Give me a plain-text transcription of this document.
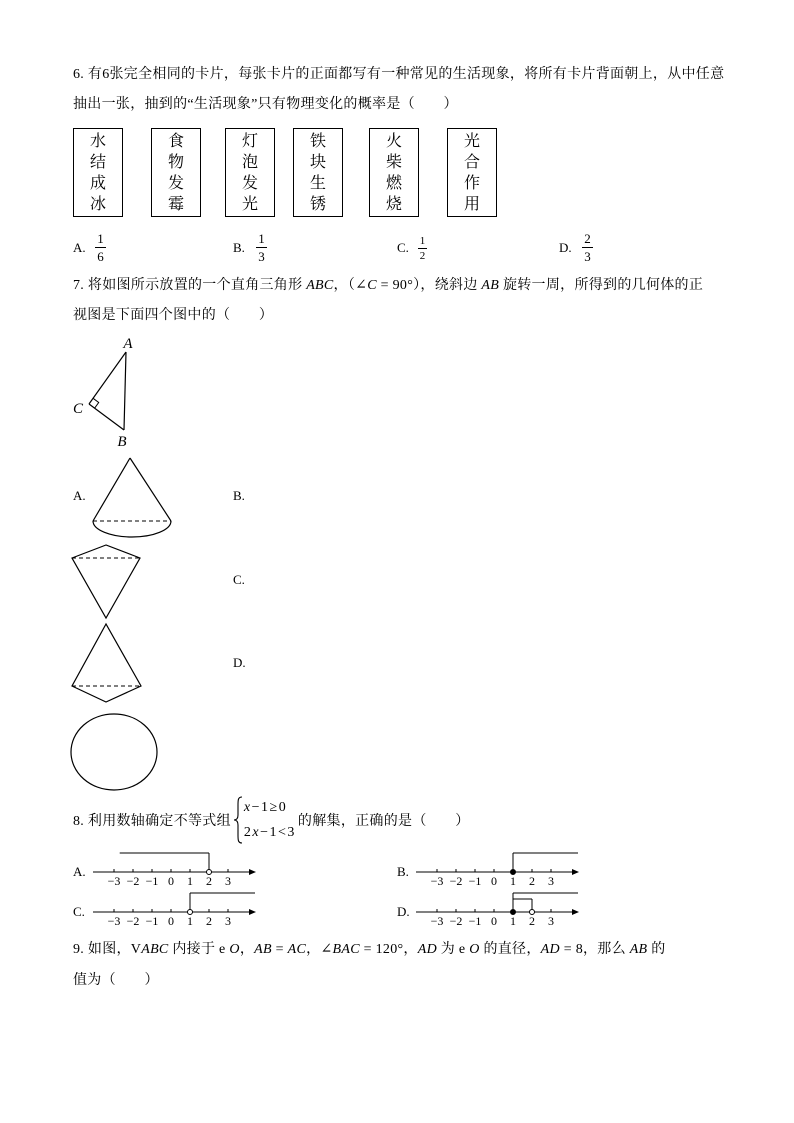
6. 有6张完全相同的卡片，每张卡片的正面都写有一种常见的生活现象，将所有卡片背面朝上，从中任意
抽出一张，抽到的“生活现象”只有物理变化的概率是（　　）
水结成冰
食物发霉
灯泡发光
铁块生锈
火柴燃烧
光合作用
A.
1
6
B.
1
3
C. 1
2
D.
2
3
7. 将如图所示放置的一个直角三角形 ABC，（∠C = 90°），绕斜边 AB 旋转一周，所得到的几何体的正
视图是下面四个图中的（　　）
A
C
B
A.	B.
C.
D.
8. 利用数轴确定不等式组
x−1≥0
2x−1<3
的解集，正确的是（　　）
A.
−3 −2 −1 0 1 2 3
B.
−3 −2 −1 0 1 2 3
C.
−3 −2 −1 0 1 2 3
D.
−3 −2 −1 0 1 2 3
9. 如图，VABC 内接于 e O，AB = AC，∠BAC = 120°，AD 为 e O 的直径，AD = 8，那么 AB 的
值为（　　）
